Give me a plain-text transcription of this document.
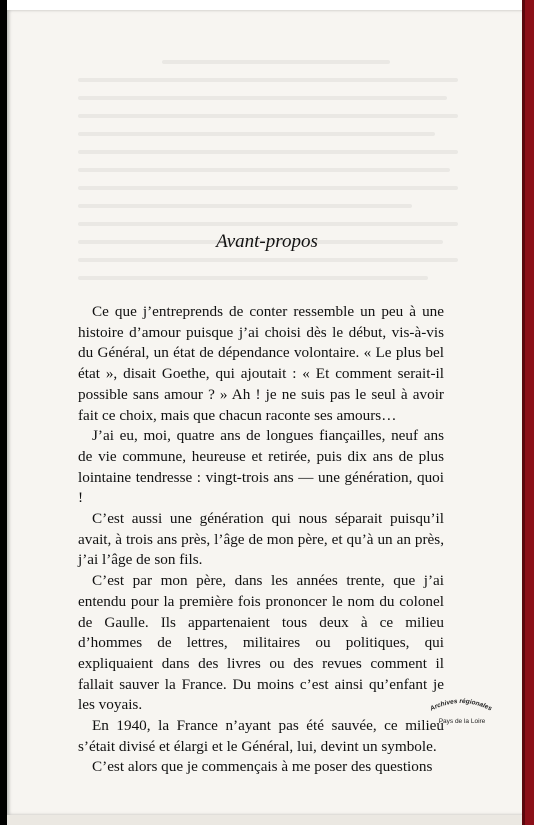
Avant-propos

Ce que j’entreprends de conter ressemble un peu à une histoire d’amour puisque j’ai choisi dès le début, vis-à-vis du Général, un état de dépendance volontaire. « Le plus bel état », disait Goethe, qui ajoutait : « Et comment serait-il possible sans amour ? » Ah ! je ne suis pas le seul à avoir fait ce choix, mais que chacun raconte ses amours…

J’ai eu, moi, quatre ans de longues fiançailles, neuf ans de vie commune, heureuse et retirée, puis dix ans de plus lointaine tendresse : vingt-trois ans — une génération, quoi !

C’est aussi une génération qui nous séparait puisqu’il avait, à trois ans près, l’âge de mon père, et qu’à un an près, j’ai l’âge de son fils.

C’est par mon père, dans les années trente, que j’ai entendu pour la première fois prononcer le nom du colonel de Gaulle. Ils appartenaient tous deux à ce milieu d’hommes de lettres, militaires ou politiques, qui expliquaient dans des livres ou des revues comment il fallait sauver la France. Du moins c’est ainsi qu’enfant je les voyais.

En 1940, la France n’ayant pas été sauvée, ce milieu s’était divisé et élargi et le Général, lui, devint un symbole.

C’est alors que je commençais à me poser des questions

Archives régionales
Pays de la Loire
